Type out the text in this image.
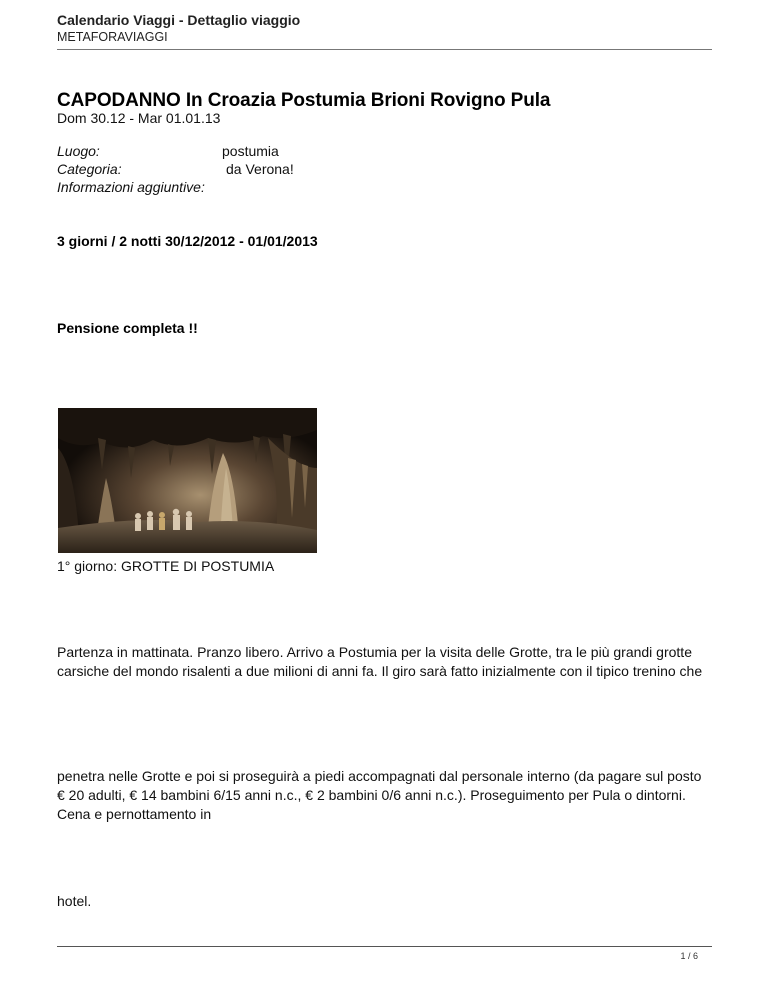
Calendario Viaggi - Dettaglio viaggio
METAFORAVIAGGI
CAPODANNO In Croazia Postumia Brioni Rovigno Pula
Dom 30.12 - Mar 01.01.13
Luogo:	postumia
Categoria:	da Verona!
Informazioni aggiuntive:
3 giorni / 2 notti 30/12/2012 - 01/01/2013
Pensione completa !!
1° giorno: GROTTE DI POSTUMIA
Partenza in mattinata. Pranzo libero. Arrivo a Postumia per la visita delle Grotte, tra le più grandi grotte carsiche del mondo risalenti a due milioni di anni fa. Il giro sarà fatto inizialmente con il tipico trenino che
penetra nelle Grotte e poi si proseguirà a piedi accompagnati dal personale interno (da pagare sul posto € 20 adulti, € 14 bambini 6/15 anni n.c., € 2 bambini 0/6 anni n.c.). Proseguimento per Pula o dintorni. Cena e pernottamento in
hotel.
1 / 6
